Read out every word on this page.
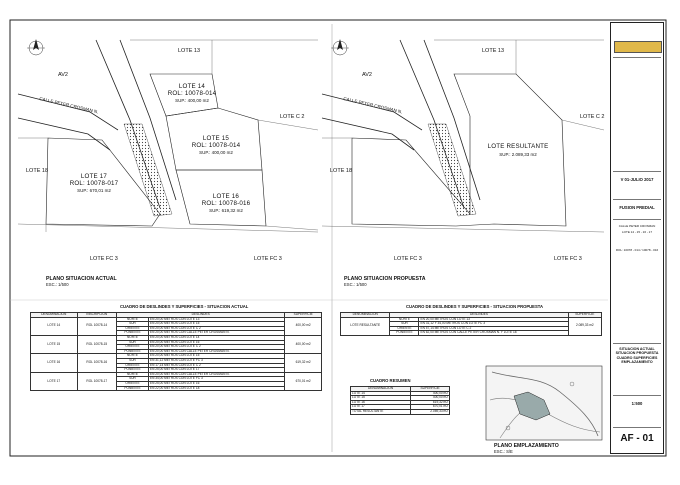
LOTE 13
LOTE 14
ROL: 10078-014
SUP.: 400,00 m2
LOTE 15
ROL: 10078-014
SUP.: 400,00 m2
LOTE 16
ROL: 10078-016
SUP.: 619,32 m2
LOTE 17
ROL: 10078-017
SUP.: 670,01 m2
LOTE 18
LOTE C 2
LOTE FC 3	LOTE FC 3
AV2
CALLE PETER CROSMAN N.
LOTE 13
LOTE RESULTANTE
SUP.: 2.089,33 m2
LOTE 18
LOTE C 2
LOTE FC 3	LOTE FC 3
AV2
CALLE PETER CROSMAN N.
PLANO SITUACION ACTUAL
ESC.: 1/500
PLANO SITUACION PROPUESTA
ESC.: 1/500
CUADRO DE DESLINDES Y SUPERFICIES - SITUACION ACTUAL
DENOMINACION	INSCRIPCION	DESLINDES		SUPERFICIE
LOTE 14	ROL 10078-14	NORTE	EN 20,00 METROS CON LOTE 13	400,00 m2
		SUR	EN 20,00 METROS CON LOTE 15	
		ORIENTE	EN 20,00 METROS CON LOTE C 2	
		PONIENTE	EN 20,00 METROS CON CALLE PETER CROSMAN N.	
LOTE 15	ROL 10078-15	NORTE	EN 20,00 METROS CON LOTE 14	400,00 m2
		SUR	EN 20,00 METROS CON LOTE 16	
		ORIENTE	EN 20,00 METROS CON LOTE C 2	
		PONIENTE	EN 20,00 METROS CON CALLE PETER CROSMAN N.	
LOTE 16	ROL 10078-16	NORTE	EN 20,00 METROS CON LOTE 15	619,32 m2
		SUR	EN 31,12 METROS CON LOTE FC 3	
		ORIENTE	EN 17,14 METROS CON LOTE C 2	
		PONIENTE	EN 25,00 METROS CON LOTE 17	
LOTE 17	ROL 10078-17	NORTE	EN 20,00 METROS CON CALLE PETER CROSMAN N.	670,01 m2
		SUR	EN 34,00 METROS CON LOTE FC 3	
		ORIENTE	EN 25,00 METROS CON LOTE 16	
		PONIENTE	EN 22,00 METROS CON LOTE 18	
CUADRO DE DESLINDES Y SUPERFICIES - SITUACION PROPUESTA
DENOMINACION	DESLINDES		SUPERFICIE
LOTE RESULTANTE	NORTE	EN 20,00 METROS CON LOTE 13	2.089,33 m2
	SUR	EN 31,12 Y 34,00 METROS CON LOTE FC 3	
	ORIENTE	EN 57,14 METROS CON LOTE C 2	
	PONIENTE	EN 62,00 METROS CON CALLE PETER CROSMAN N. Y LOTE 18	
CUADRO RESUMEN
DENOMINACION	SUPERFICIE
LOTE 14	400,00 m2
LOTE 15	400,00 m2
LOTE 16	619,32 m2
LOTE 17	670,01 m2
TOTAL RESULTANTE	2.089,33 m2
PLANO EMPLAZAMIENTO
ESC.: S/E
V 01-JULIO 2017
FUSION PREDIAL
CALLE PETER CROSMAN
LOTE 14 - 15 - 16 - 17
ROL: 10078 - 014 / 10078 - 016
SITUACION ACTUAL SITUACION PROPUESTA CUADRO SUPERFICIES EMPLAZAMIENTO
1:500
AF - 01
